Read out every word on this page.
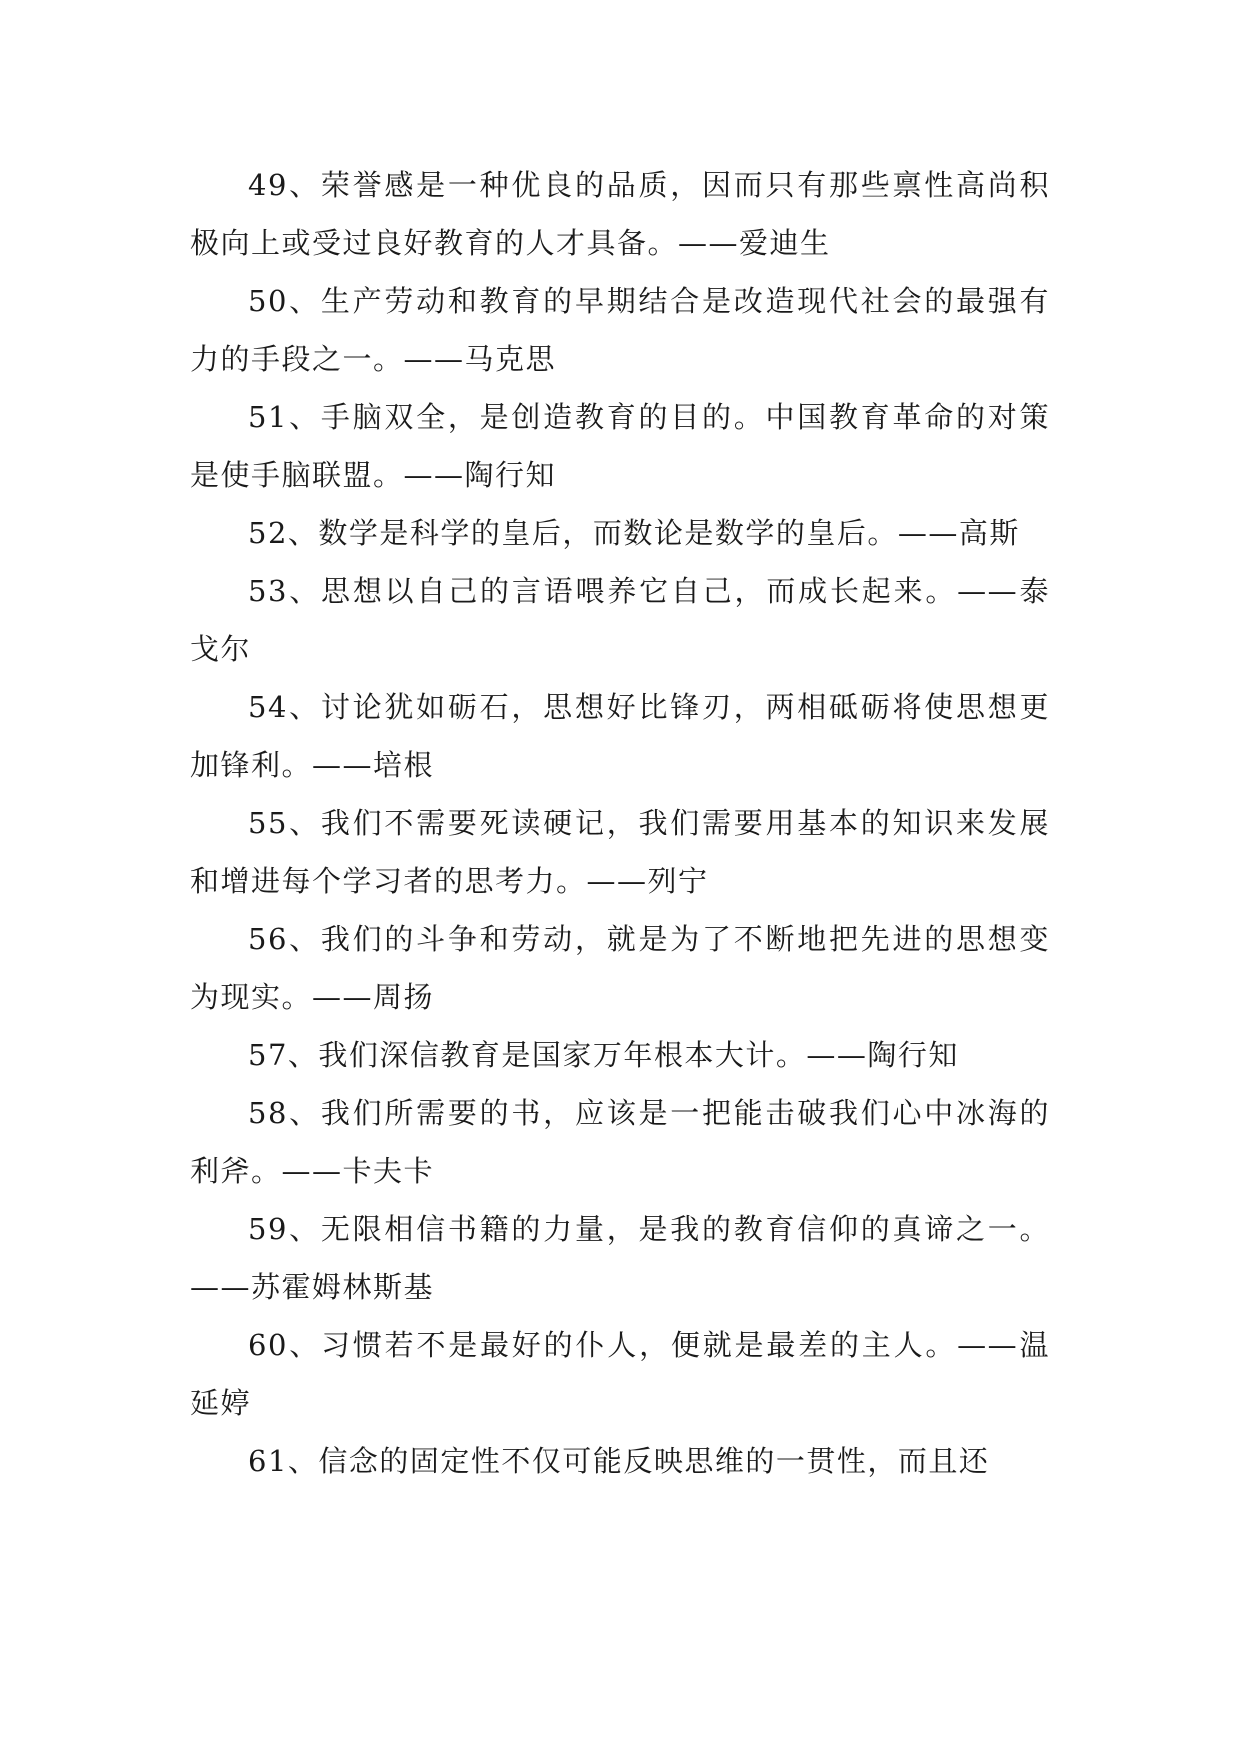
49、荣誉感是一种优良的品质，因而只有那些禀性高尚积极向上或受过良好教育的人才具备。——爱迪生

50、生产劳动和教育的早期结合是改造现代社会的最强有力的手段之一。——马克思

51、手脑双全，是创造教育的目的。中国教育革命的对策是使手脑联盟。——陶行知

52、数学是科学的皇后，而数论是数学的皇后。——高斯

53、思想以自己的言语喂养它自己，而成长起来。——泰戈尔

54、讨论犹如砺石，思想好比锋刃，两相砥砺将使思想更加锋利。——培根

55、我们不需要死读硬记，我们需要用基本的知识来发展和增进每个学习者的思考力。——列宁

56、我们的斗争和劳动，就是为了不断地把先进的思想变为现实。——周扬

57、我们深信教育是国家万年根本大计。——陶行知

58、我们所需要的书，应该是一把能击破我们心中冰海的利斧。——卡夫卡

59、无限相信书籍的力量，是我的教育信仰的真谛之一。——苏霍姆林斯基

60、习惯若不是最好的仆人，便就是最差的主人。——温延婷

61、信念的固定性不仅可能反映思维的一贯性，而且还
